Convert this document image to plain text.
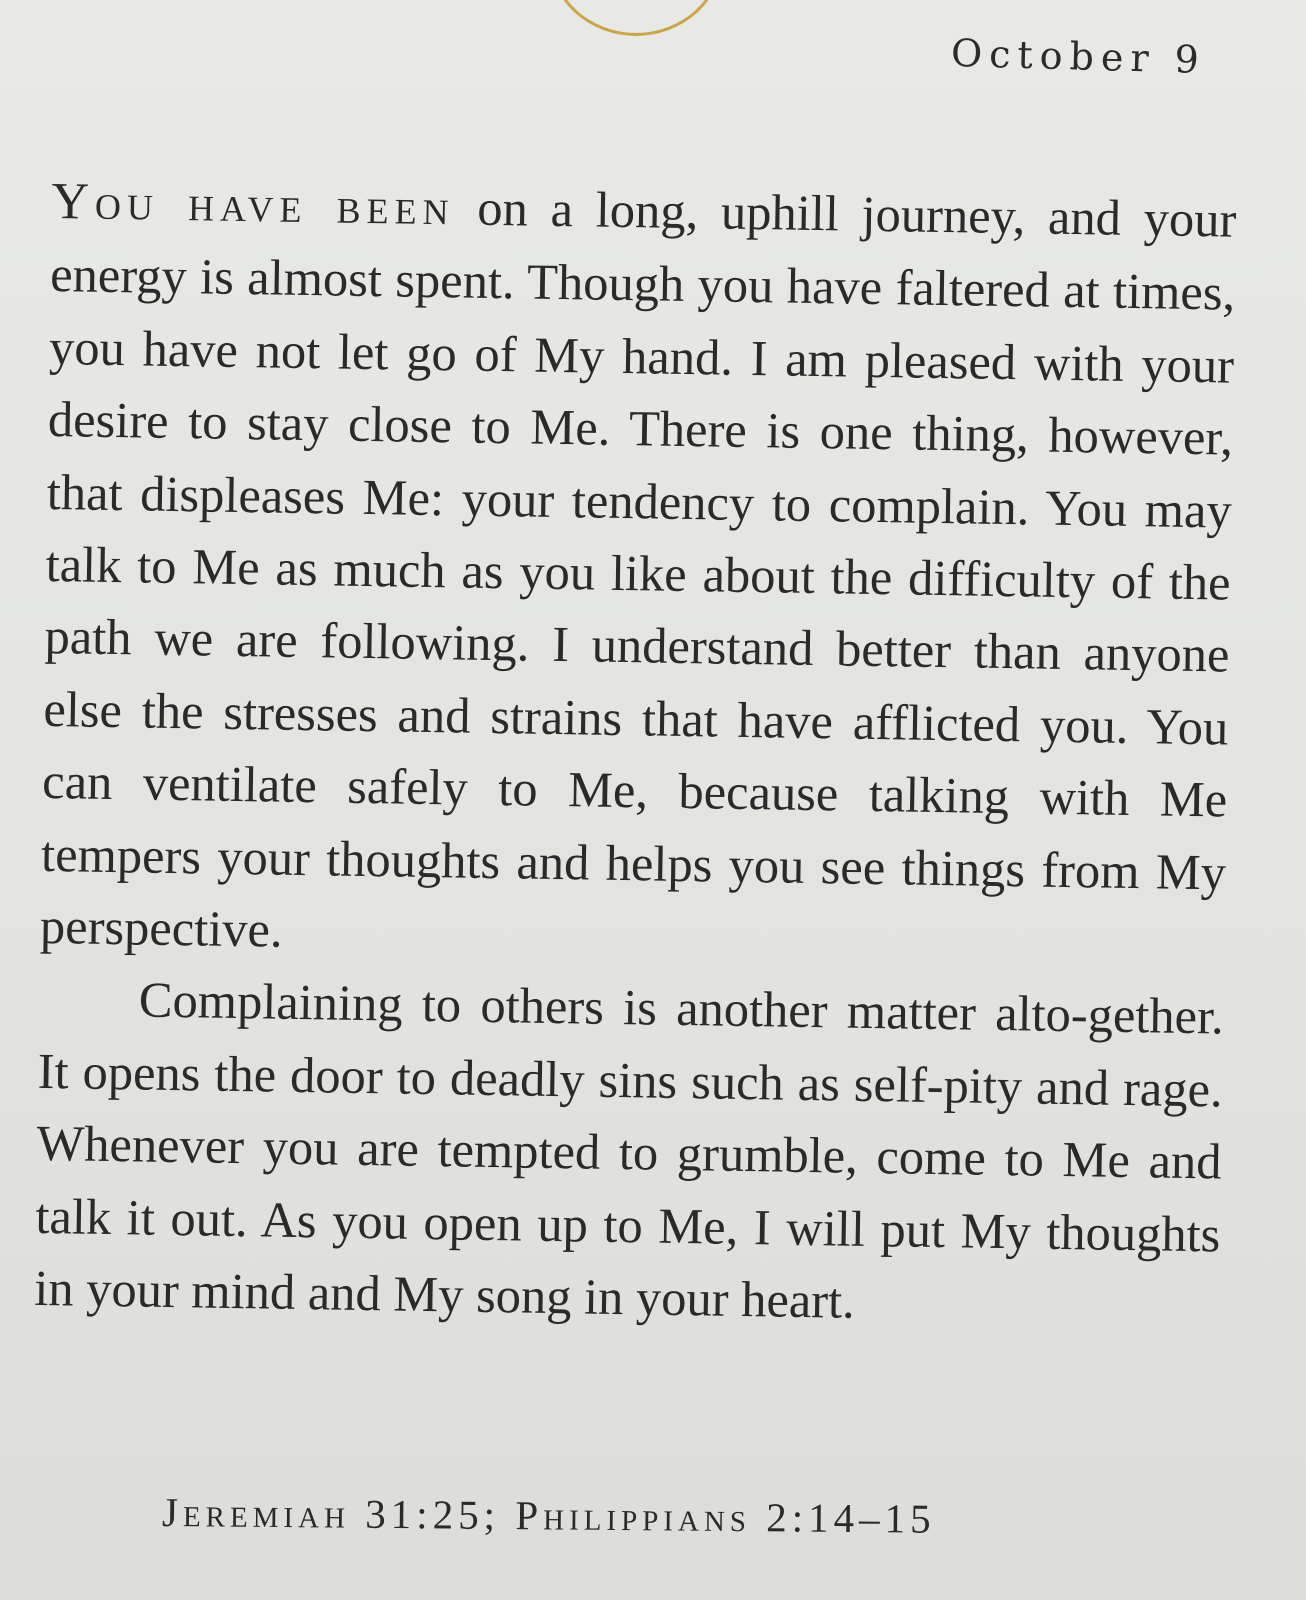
October 9

You have been on a long, uphill journey, and your energy is almost spent. Though you have faltered at times, you have not let go of My hand. I am pleased with your desire to stay close to Me. There is one thing, however, that displeases Me: your tendency to complain. You may talk to Me as much as you like about the difficulty of the path we are following. I understand better than anyone else the stresses and strains that have afflicted you. You can ventilate safely to Me, because talking with Me tempers your thoughts and helps you see things from My perspective.

Complaining to others is another matter alto-gether. It opens the door to deadly sins such as self-pity and rage. Whenever you are tempted to grumble, come to Me and talk it out. As you open up to Me, I will put My thoughts in your mind and My song in your heart.

Jeremiah 31:25; Philippians 2:14–15
